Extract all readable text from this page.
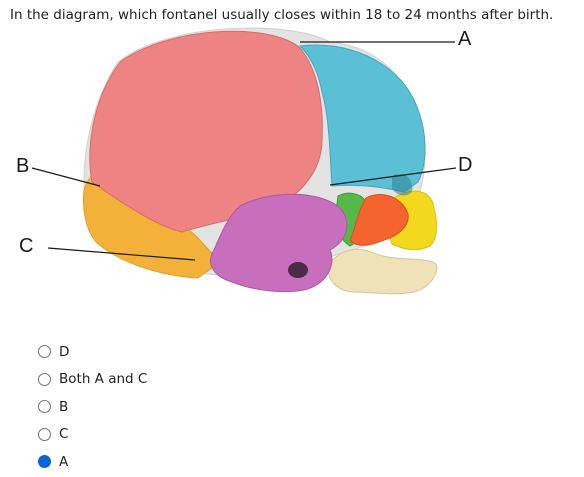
In the diagram, which fontanel usually closes within 18 to 24 months after birth.
A
B
C
D
D
Both A and C
B
C
A
